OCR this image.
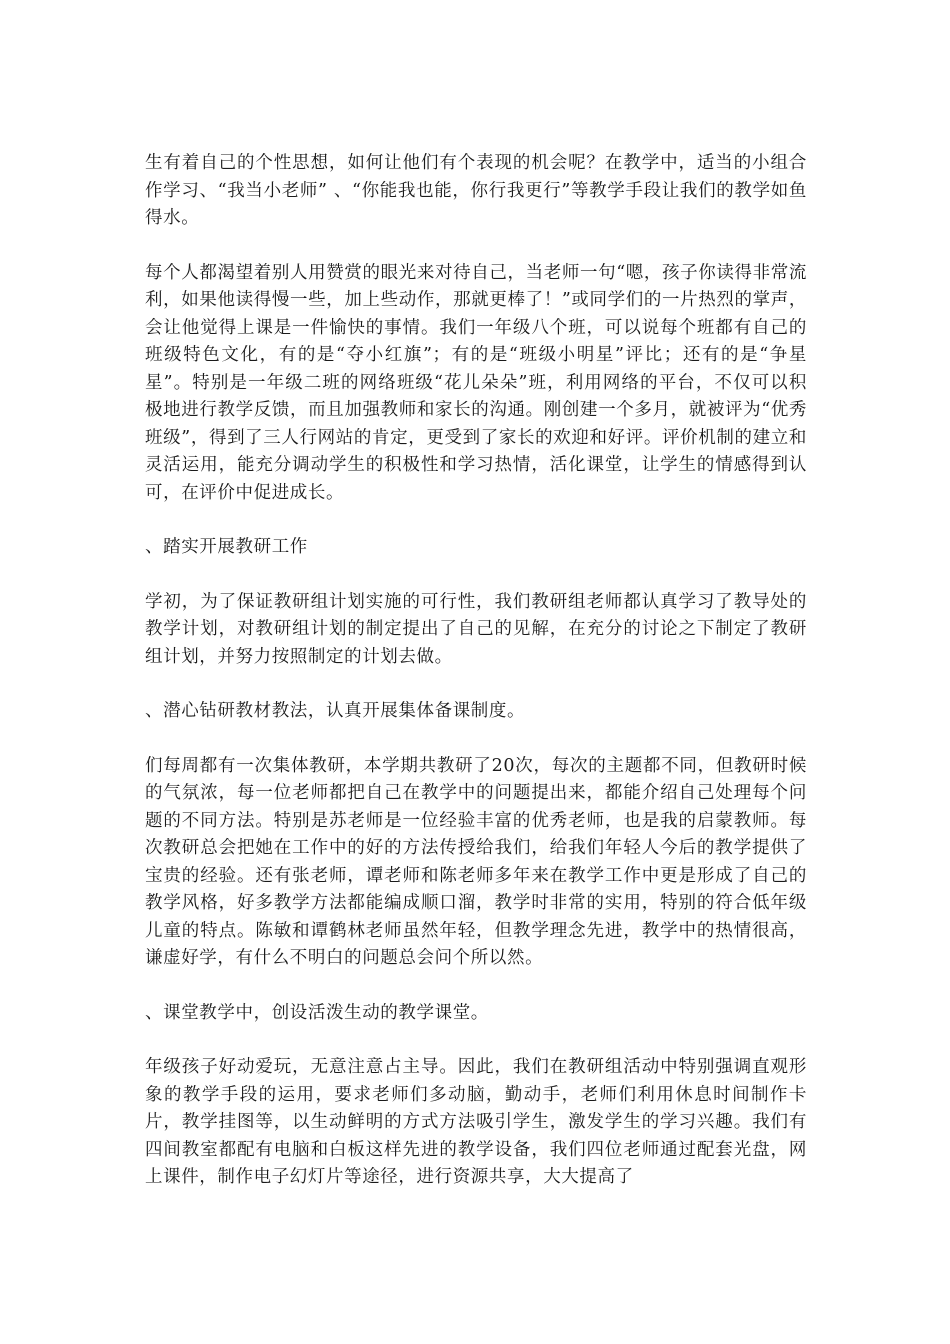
生有着自己的个性思想，如何让他们有个表现的机会呢？在教学中，适当的小组合作学习、“我当小老师” 、“你能我也能，你行我更行”等教学手段让我们的教学如鱼得水。

每个人都渴望着别人用赞赏的眼光来对待自己，当老师一句“嗯，孩子你读得非常流利，如果他读得慢一些，加上些动作，那就更棒了！”或同学们的一片热烈的掌声，会让他觉得上课是一件愉快的事情。我们一年级八个班，可以说每个班都有自己的班级特色文化，有的是“夺小红旗”；有的是“班级小明星”评比；还有的是“争星星”。特别是一年级二班的网络班级“花儿朵朵”班，利用网络的平台，不仅可以积极地进行教学反馈，而且加强教师和家长的沟通。刚创建一个多月，就被评为“优秀班级”，得到了三人行网站的肯定，更受到了家长的欢迎和好评。评价机制的建立和灵活运用，能充分调动学生的积极性和学习热情，活化课堂，让学生的情感得到认可，在评价中促进成长。

、踏实开展教研工作

学初，为了保证教研组计划实施的可行性，我们教研组老师都认真学习了教导处的教学计划，对教研组计划的制定提出了自己的见解，在充分的讨论之下制定了教研组计划，并努力按照制定的计划去做。

、潜心钻研教材教法，认真开展集体备课制度。

们每周都有一次集体教研，本学期共教研了20次，每次的主题都不同，但教研时候的气氛浓，每一位老师都把自己在教学中的问题提出来，都能介绍自己处理每个问题的不同方法。特别是苏老师是一位经验丰富的优秀老师，也是我的启蒙教师。每次教研总会把她在工作中的好的方法传授给我们，给我们年轻人今后的教学提供了宝贵的经验。还有张老师，谭老师和陈老师多年来在教学工作中更是形成了自己的教学风格，好多教学方法都能编成顺口溜，教学时非常的实用，特别的符合低年级儿童的特点。陈敏和谭鹤林老师虽然年轻，但教学理念先进，教学中的热情很高，谦虚好学，有什么不明白的问题总会问个所以然。

、课堂教学中，创设活泼生动的教学课堂。

年级孩子好动爱玩，无意注意占主导。因此，我们在教研组活动中特别强调直观形象的教学手段的运用，要求老师们多动脑，勤动手，老师们利用休息时间制作卡片，教学挂图等，以生动鲜明的方式方法吸引学生，激发学生的学习兴趣。我们有四间教室都配有电脑和白板这样先进的教学设备，我们四位老师通过配套光盘，网上课件，制作电子幻灯片等途径，进行资源共享，大大提高了
